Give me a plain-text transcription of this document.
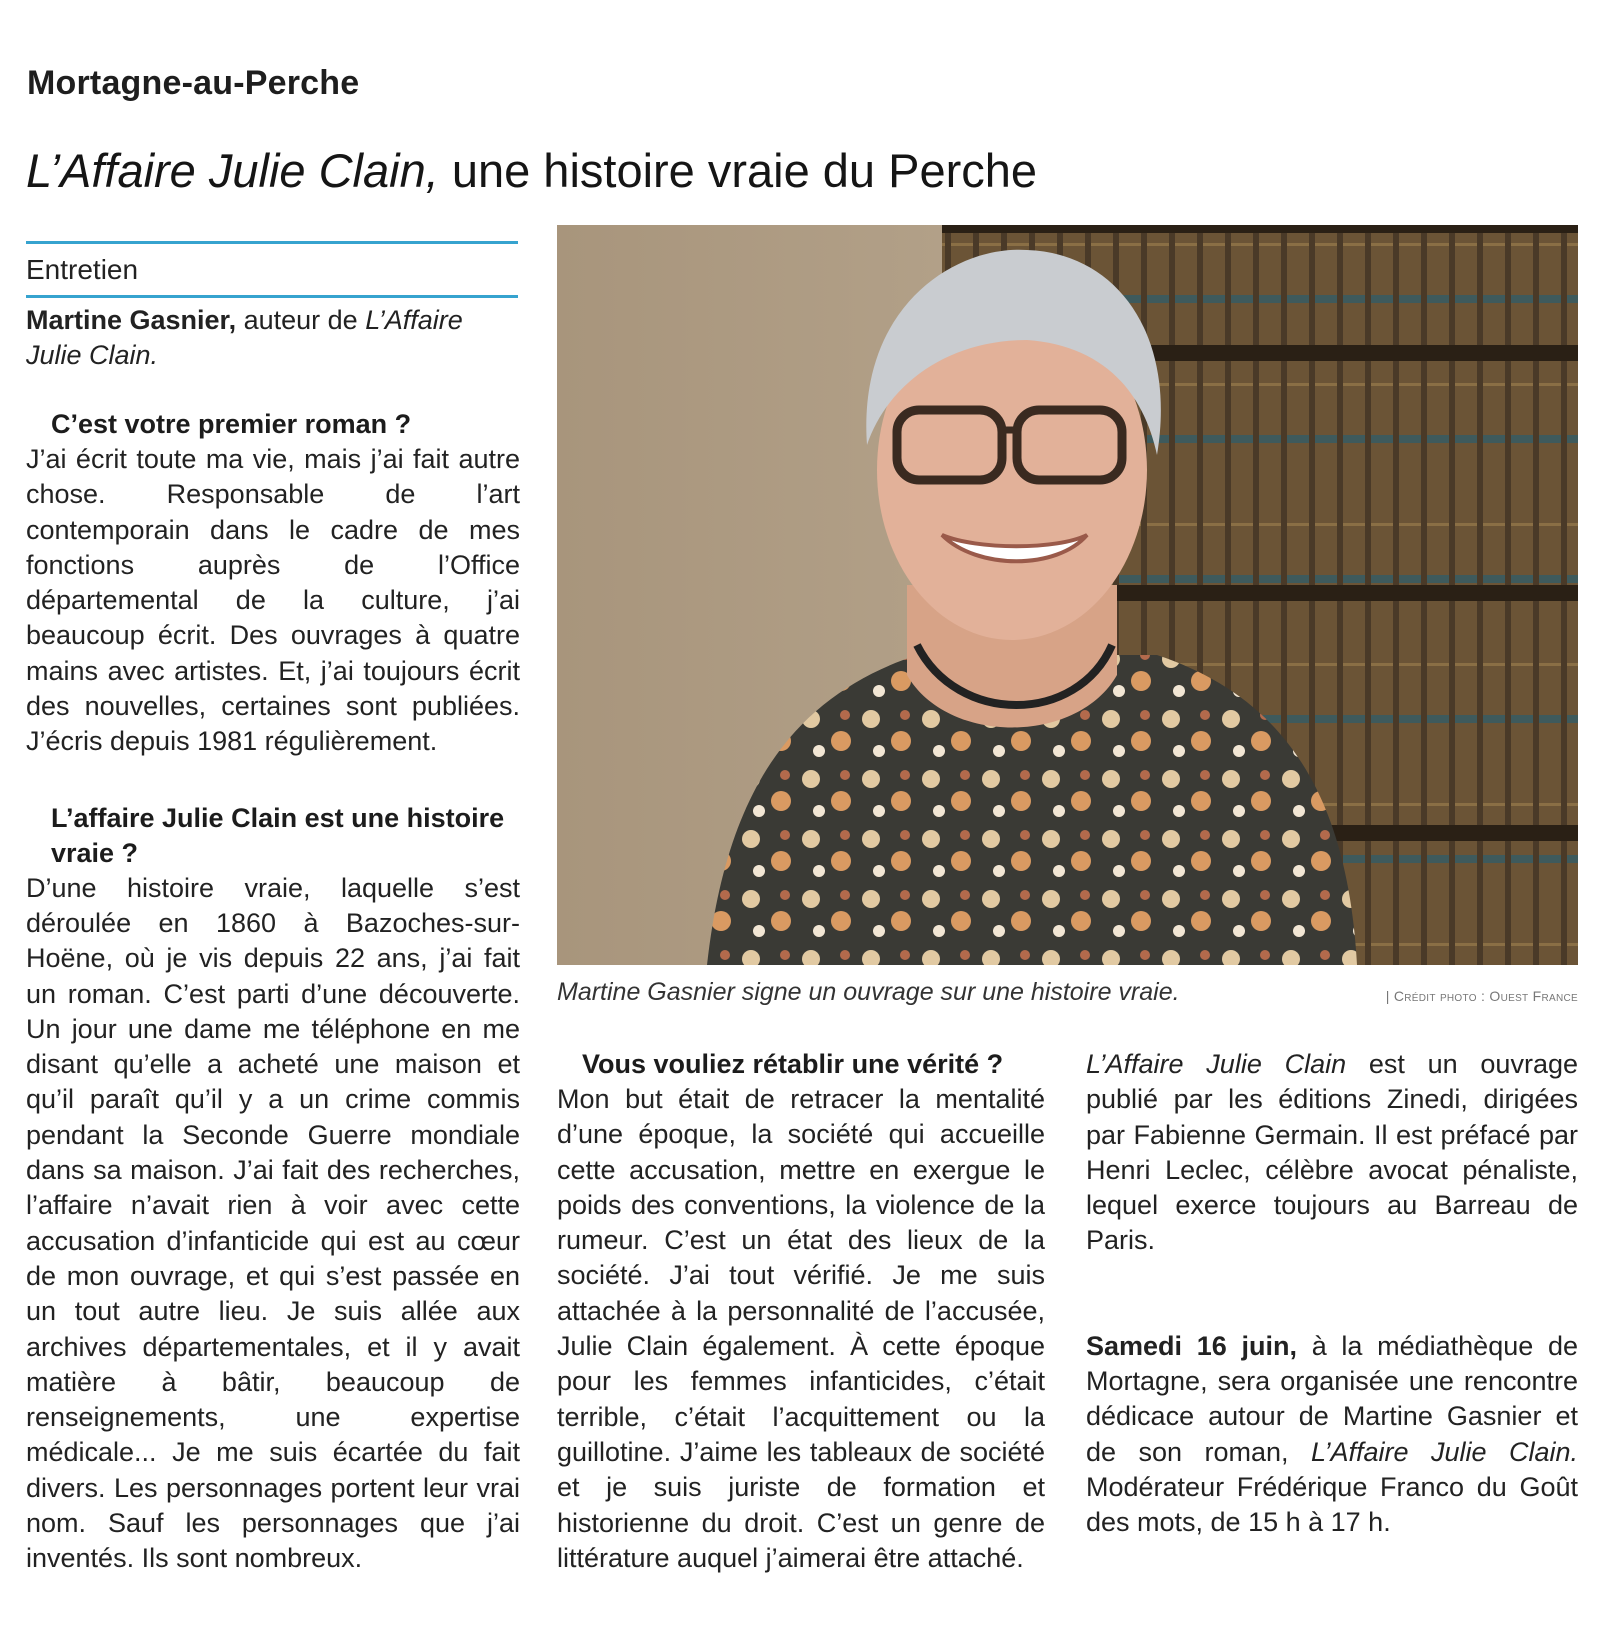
Mortagne-au-Perche
L’Affaire Julie Clain, une histoire vraie du Perche
Entretien
Martine Gasnier, auteur de L’Affaire Julie Clain.
C’est votre premier roman ?

J’ai écrit toute ma vie, mais j’ai fait autre chose. Responsable de l’art contemporain dans le cadre de mes fonctions auprès de l’Office départemental de la culture, j’ai beaucoup écrit. Des ouvrages à quatre mains avec artistes. Et, j’ai toujours écrit des nouvelles, certaines sont publiées. J’écris depuis 1981 régulièrement.

L’affaire Julie Clain est une histoire vraie ?

D’une histoire vraie, laquelle s’est déroulée en 1860 à Bazoches-sur-Hoëne, où je vis depuis 22 ans, j’ai fait un roman. C’est parti d’une découverte. Un jour une dame me téléphone en me disant qu’elle a acheté une maison et qu’il paraît qu’il y a un crime commis pendant la Seconde Guerre mondiale dans sa maison. J’ai fait des recherches, l’affaire n’avait rien à voir avec cette accusation d’infanticide qui est au cœur de mon ouvrage, et qui s’est passée en un tout autre lieu. Je suis allée aux archives départementales, et il y avait matière à bâtir, beaucoup de renseignements, une expertise médicale... Je me suis écartée du fait divers. Les personnages portent leur vrai nom. Sauf les personnages que j’ai inventés. Ils sont nombreux.

Martine Gasnier signe un ouvrage sur une histoire vraie.	| Crédit photo : Ouest France
Vous vouliez rétablir une vérité ?

Mon but était de retracer la mentalité d’une époque, la société qui accueille cette accusation, mettre en exergue le poids des conventions, la violence de la rumeur. C’est un état des lieux de la société. J’ai tout vérifié. Je me suis attachée à la personnalité de l’accusée, Julie Clain également. À cette époque pour les femmes infanticides, c’était terrible, c’était l’acquittement ou la guillotine. J’aime les tableaux de société et je suis juriste de formation et historienne du droit. C’est un genre de littérature auquel j’aimerai être attaché.

L’Affaire Julie Clain est un ouvrage publié par les éditions Zinedi, dirigées par Fabienne Germain. Il est préfacé par Henri Leclec, célèbre avocat pénaliste, lequel exerce toujours au Barreau de Paris.

Samedi 16 juin, à la médiathèque de Mortagne, sera organisée une rencontre dédicace autour de Martine Gasnier et de son roman, L’Affaire Julie Clain. Modérateur Frédérique Franco du Goût des mots, de 15 h à 17 h.
